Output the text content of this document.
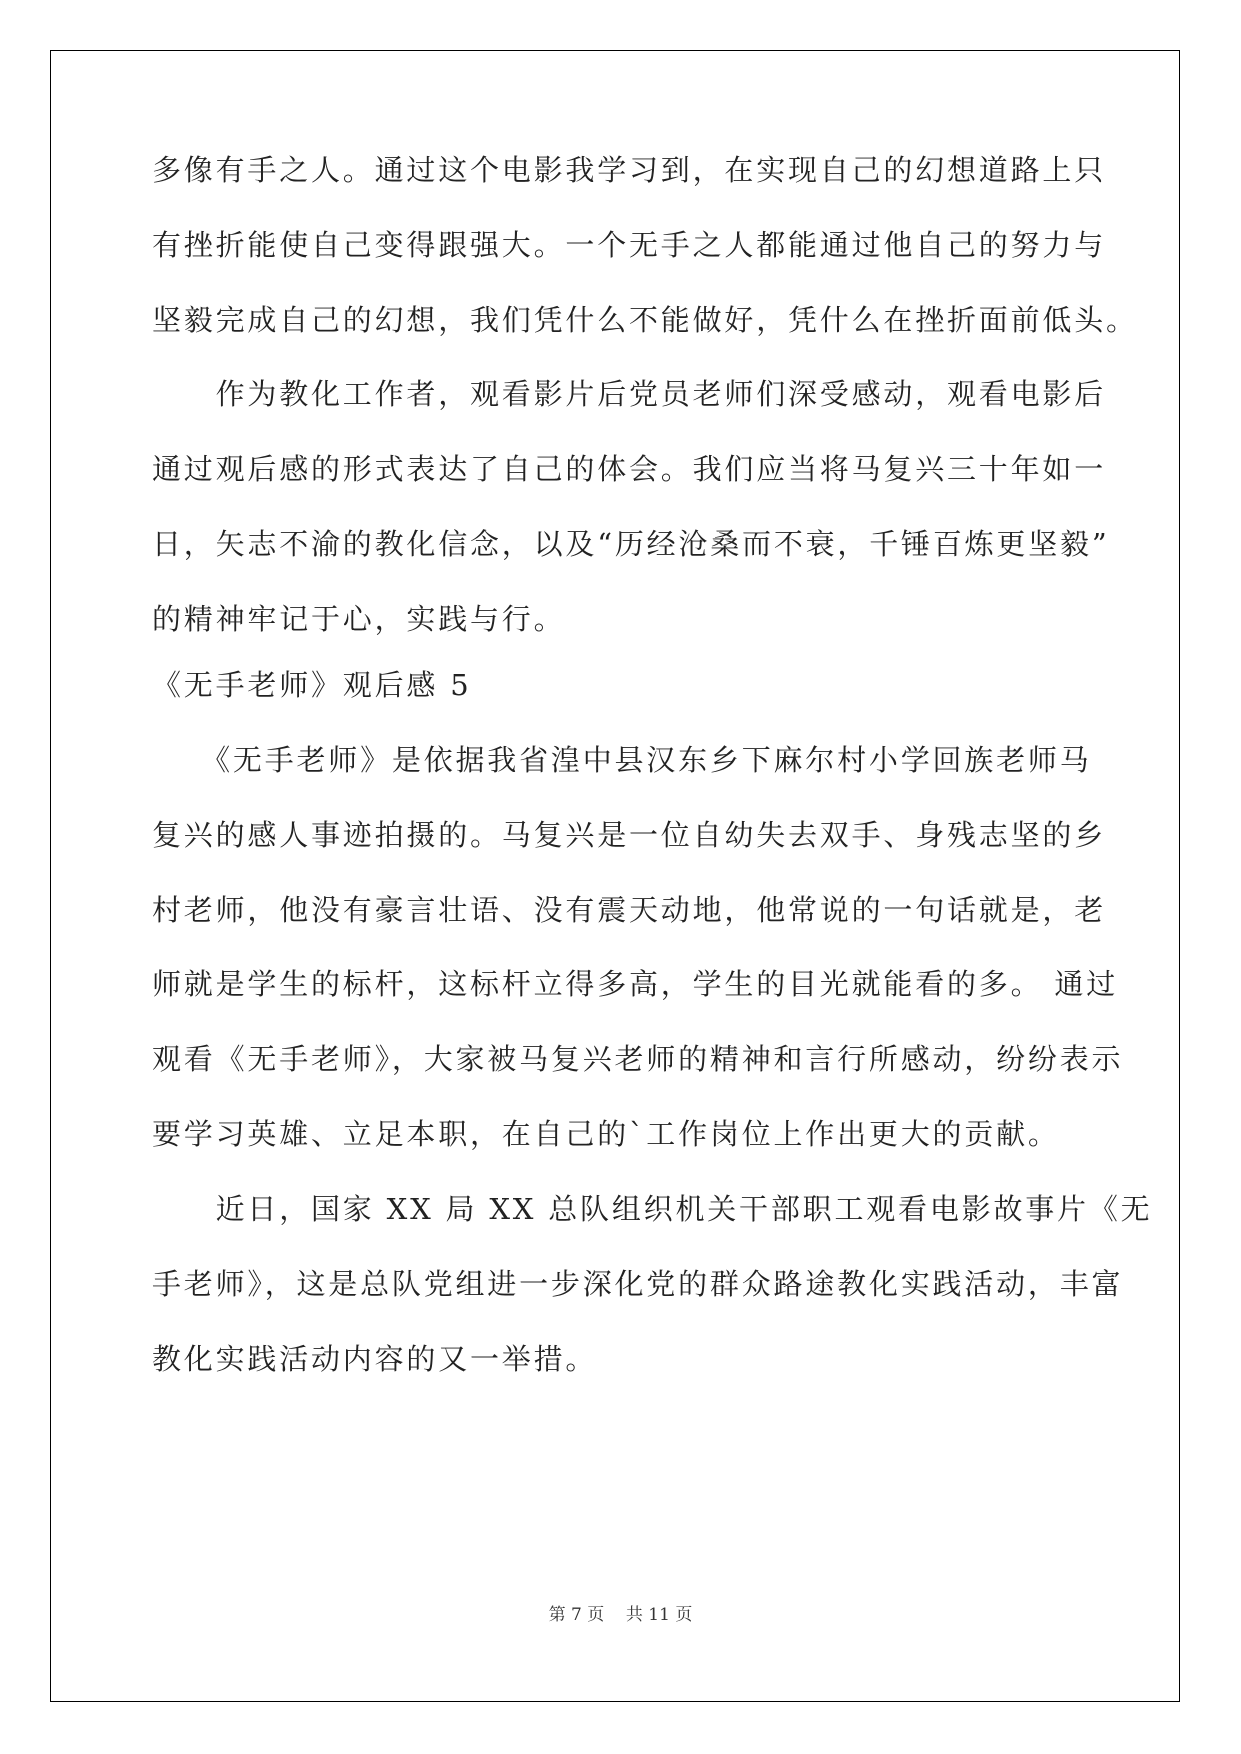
多像有手之人。通过这个电影我学习到，在实现自己的幻想道路上只
有挫折能使自己变得跟强大。一个无手之人都能通过他自己的努力与
坚毅完成自己的幻想，我们凭什么不能做好，凭什么在挫折面前低头。
　　作为教化工作者，观看影片后党员老师们深受感动，观看电影后
通过观后感的形式表达了自己的体会。我们应当将马复兴三十年如一
日，矢志不渝的教化信念，以及“历经沧桑而不衰，千锤百炼更坚毅”
的精神牢记于心，实践与行。
《无手老师》观后感 5
　　《无手老师》是依据我省湟中县汉东乡下麻尔村小学回族老师马
复兴的感人事迹拍摄的。马复兴是一位自幼失去双手、身残志坚的乡
村老师，他没有豪言壮语、没有震天动地，他常说的一句话就是，老
师就是学生的标杆，这标杆立得多高，学生的目光就能看的多。 通过
观看《无手老师》，大家被马复兴老师的精神和言行所感动，纷纷表示
要学习英雄、立足本职，在自己的`工作岗位上作出更大的贡献。
　　近日，国家 XX 局 XX 总队组织机关干部职工观看电影故事片《无
手老师》，这是总队党组进一步深化党的群众路途教化实践活动，丰富
教化实践活动内容的又一举措。
第 7 页    共 11 页
